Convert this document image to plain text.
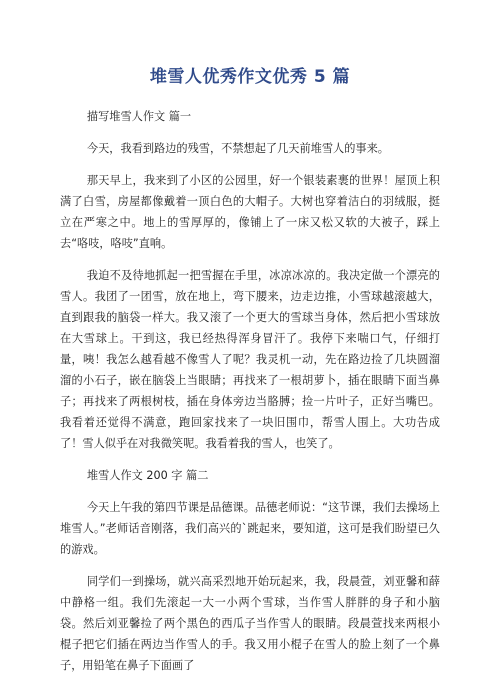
堆雪人优秀作文优秀 5 篇
描写堆雪人作文 篇一
今天，我看到路边的残雪，不禁想起了几天前堆雪人的事来。
那天早上，我来到了小区的公园里，好一个银装素裹的世界！屋顶上积满了白雪，房屋都像戴着一顶白色的大帽子。大树也穿着洁白的羽绒服，挺立在严寒之中。地上的雪厚厚的，像铺上了一床又松又软的大被子，踩上去“咯吱，咯吱”直响。
我迫不及待地抓起一把雪握在手里，冰凉冰凉的。我决定做一个漂亮的雪人。我团了一团雪，放在地上，弯下腰来，边走边推，小雪球越滚越大，直到跟我的脑袋一样大。我又滚了一个更大的雪球当身体，然后把小雪球放在大雪球上。干到这，我已经热得浑身冒汗了。我停下来喘口气，仔细打量，咦！我怎么越看越不像雪人了呢？我灵机一动，先在路边捡了几块圆溜溜的小石子，嵌在脑袋上当眼睛；再找来了一根胡萝卜，插在眼睛下面当鼻子；再找来了两根树枝，插在身体旁边当胳膊；捡一片叶子，正好当嘴巴。我看着还觉得不满意，跑回家找来了一块旧围巾，帮雪人围上。大功告成了！雪人似乎在对我微笑呢。我看着我的雪人，也笑了。
堆雪人作文 200 字 篇二
今天上午我的第四节课是品德课。品德老师说：“这节课，我们去操场上堆雪人。”老师话音刚落，我们高兴的`跳起来，要知道，这可是我们盼望已久的游戏。
同学们一到操场，就兴高采烈地开始玩起来，我，段晨萱，刘亚馨和薛中静格一组。我们先滚起一大一小两个雪球，当作雪人胖胖的身子和小脑袋。然后刘亚馨捡了两个黑色的西瓜子当作雪人的眼睛。段晨萱找来两根小棍子把它们插在两边当作雪人的手。我又用小棍子在雪人的脸上刻了一个鼻子，用铅笔在鼻子下面画了
